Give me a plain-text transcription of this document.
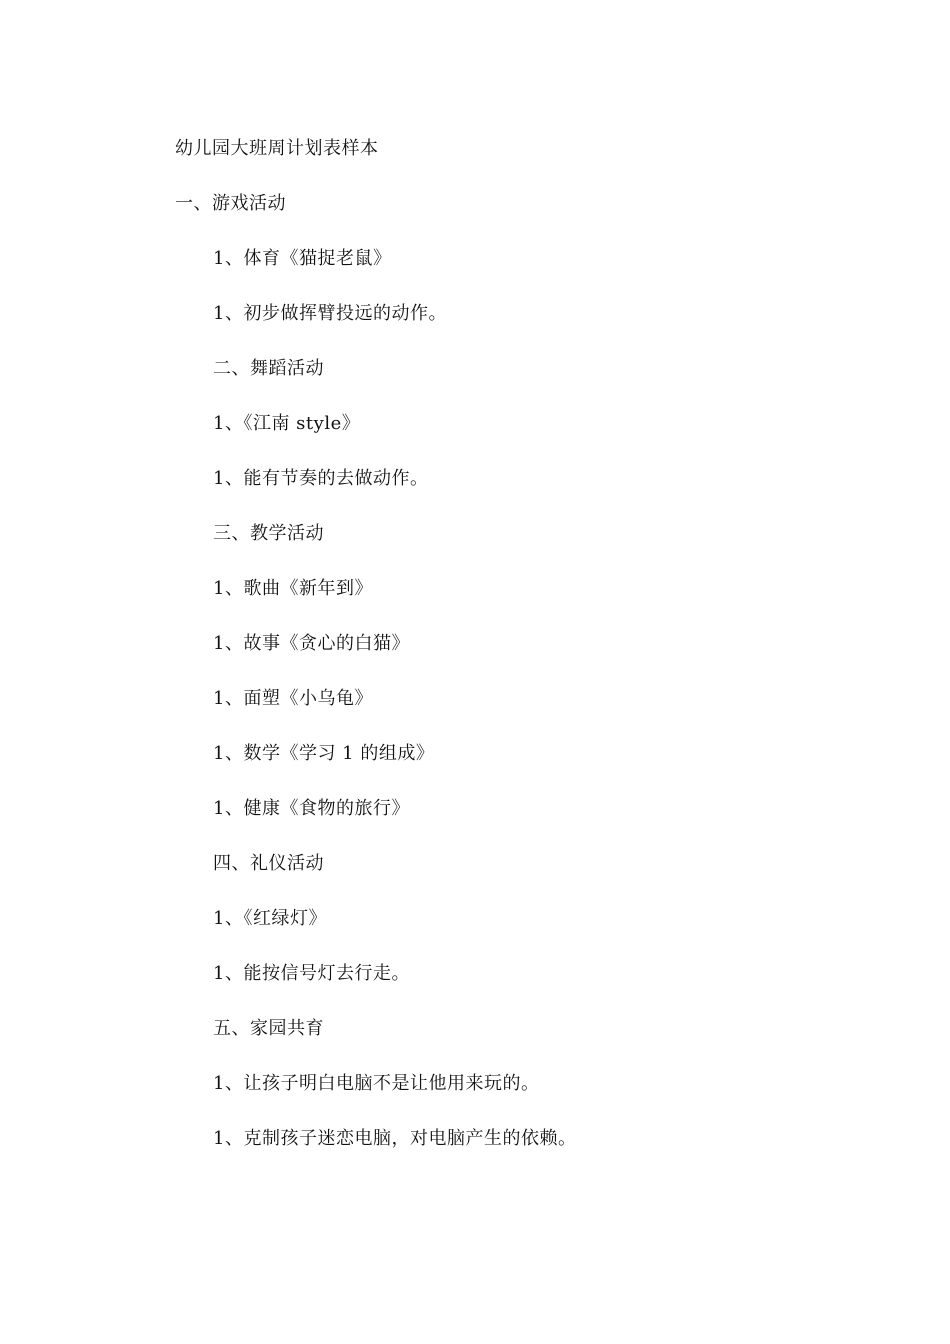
幼儿园大班周计划表样本
一、游戏活动
1、体育《猫捉老鼠》
1、初步做挥臂投远的动作。
二、舞蹈活动
1、《江南 style》
1、能有节奏的去做动作。
三、教学活动
1、歌曲《新年到》
1、故事《贪心的白猫》
1、面塑《小乌龟》
1、数学《学习 1 的组成》
1、健康《食物的旅行》
四、礼仪活动
1、《红绿灯》
1、能按信号灯去行走。
五、家园共育
1、让孩子明白电脑不是让他用来玩的。
1、克制孩子迷恋电脑，对电脑产生的依赖。
